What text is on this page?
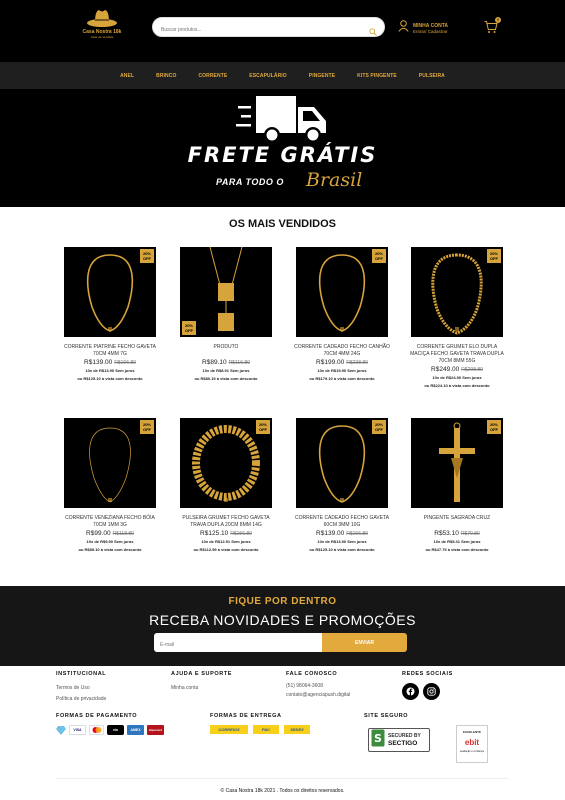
Casa Nostra 18k
Joias de Verdade
Buscar produtos...
MINHA CONTA
Entrar/ Cadastrar
0
ANEL	BRINCO	CORRENTE	ESCAPULÁRIO	PINGENTE	KITS PINGENTE	PULSEIRA
FRETE GRÁTIS
PARA TODO O Brasil
OS MAIS VENDIDOS
20%
OFF
CORRENTE PIATRINE FECHO GAVETA 70CM 4MM 7G
R$139.00 R$166.80
10x de R$13.90 Sem juros
ou R$125.10 à vista com desconto
20%
OFF
PRODUTO
R$89.10 R$116.80
10x de R$8.91 Sem juros
ou R$80.19 à vista com desconto
20%
OFF
CORRENTE CADEADO FECHO CANHÃO 70CM 4MM 24G
R$199.00 R$238.80
10x de R$19.90 Sem juros
ou R$179.10 à vista com desconto
20%
OFF
CORRENTE GRUMET ELO DUPLA MACIÇA FECHO GAVETA TRAVA DUPLA 70CM 8MM 55G
R$249.00 R$298.80
10x de R$24.90 Sem juros
ou R$224.10 à vista com desconto
20%
OFF
CORRENTE VENEZIANA FECHO BÓIA 70CM 1MM 3G
R$99.00 R$118.80
10x de R$9.90 Sem juros
ou R$89.10 à vista com desconto
20%
OFF
PULSEIRA GRUMET FECHO GAVETA TRAVA DUPLA 20CM 8MM 14G
R$125.10 R$156.80
10x de R$12.51 Sem juros
ou R$112.59 à vista com desconto
20%
OFF
CORRENTE CADEADO FECHO GAVETA 60CM 3MM 10G
R$139.00 R$166.80
10x de R$13.90 Sem juros
ou R$125.10 à vista com desconto
20%
OFF
PINGENTE SAGRADA CRUZ
R$53.10 R$70.80
10x de R$5.31 Sem juros
ou R$47.79 à vista com desconto
FIQUE POR DENTRO
RECEBA NOVIDADES E PROMOÇÕES
E-mail
ENVIAR
INSTITUCIONAL
Termos de Uso
Política de privacidade
AJUDA E SUPORTE
Minha conta
FALE CONOSCO
(51) 98064-3608
contato@agenciapush.digital
REDES SOCIAIS
FORMAS DE PAGAMENTO
VISA	elo	AMEX	Hipercard
FORMAS DE ENTREGA
CORREIOS	PAC	SEDEX
SITE SEGURO
S SECURED BY
SECTIGO
EXCELENTE
ebit
avaliação e confiança
© Casa Nostra 18k 2021 . Todos os direitos reservados.
